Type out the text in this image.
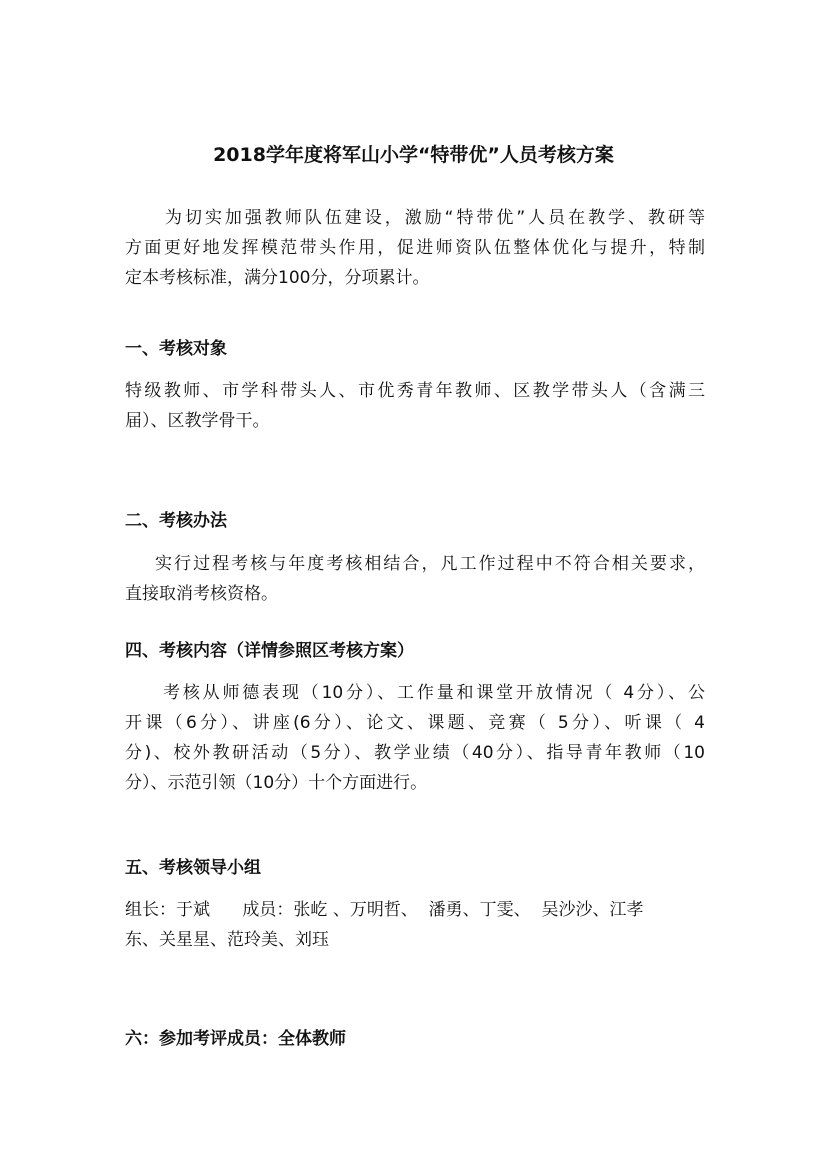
2018学年度将军山小学“特带优”人员考核方案
为切实加强教师队伍建设，激励“特带优”人员在教学、教研等
方面更好地发挥模范带头作用，促进师资队伍整体优化与提升，特制
定本考核标准，满分100分，分项累计。
一、考核对象
特级教师、市学科带头人、市优秀青年教师、区教学带头人（含满三
届）、区教学骨干。
二、考核办法
实行过程考核与年度考核相结合，凡工作过程中不符合相关要求，
直接取消考核资格。
四、考核内容（详情参照区考核方案）
考核从师德表现（10分）、工作量和课堂开放情况（ 4分）、公
开课（6分）、讲座(6分）、论文、课题、竞赛（ 5分）、听课（ 4
分)、校外教研活动（5分）、教学业绩（40分）、指导青年教师（10
分）、示范引领（10分）十个方面进行。
五、考核领导小组
组长：于斌      成员：张屹 、万明哲、  潘勇、丁雯、  吴沙沙、江孝
东、关星星、范玲美、刘珏
六：参加考评成员：全体教师
